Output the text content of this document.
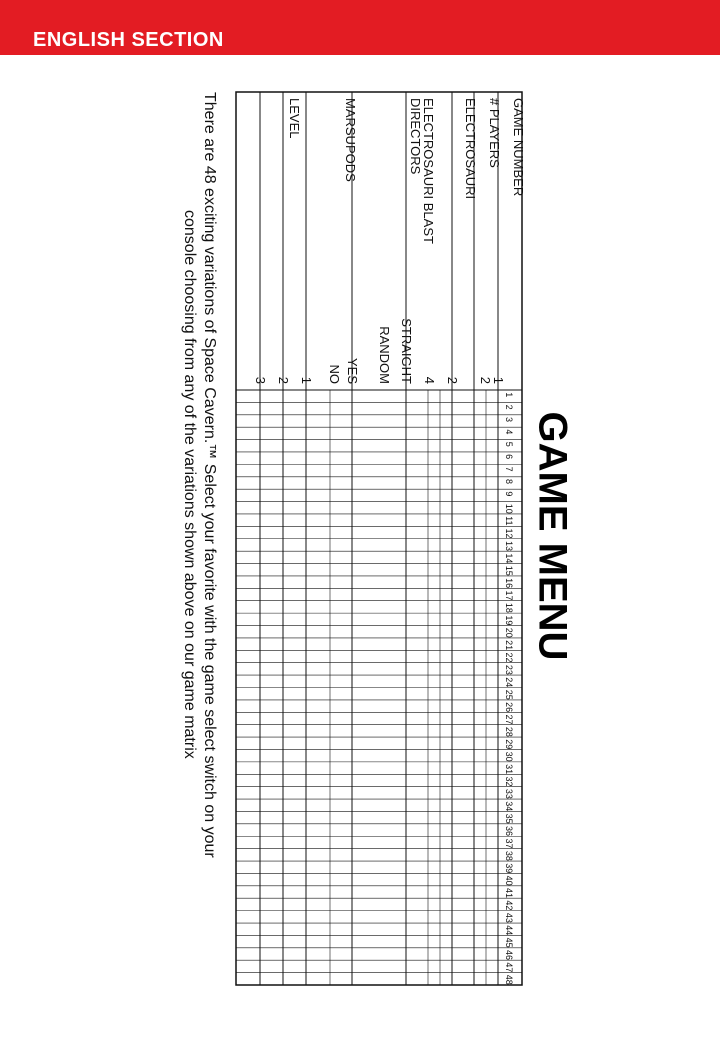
ENGLISH SECTION
GAME MENU
GAME NUMBER
# PLAYERS
ELECTROSAURI
ELECTROSAURI BLAST
DIRECTORS
MARSUPODS
LEVEL
1
2
2
4
STRAIGHT
RANDOM
YES
NO
1
2
3
1
2
3
4
5
6
7
8
9
10
11
12
13
14
15
16
17
18
19
20
21
22
23
24
25
26
27
28
29
30
31
32
33
34
35
36
37
38
39
40
41
42
43
44
45
46
47
48
There are 48 exciting variations of Space Cavern.™ Select your favorite with the game select switch on your
console choosing from any of the variations shown above on our game matrix
